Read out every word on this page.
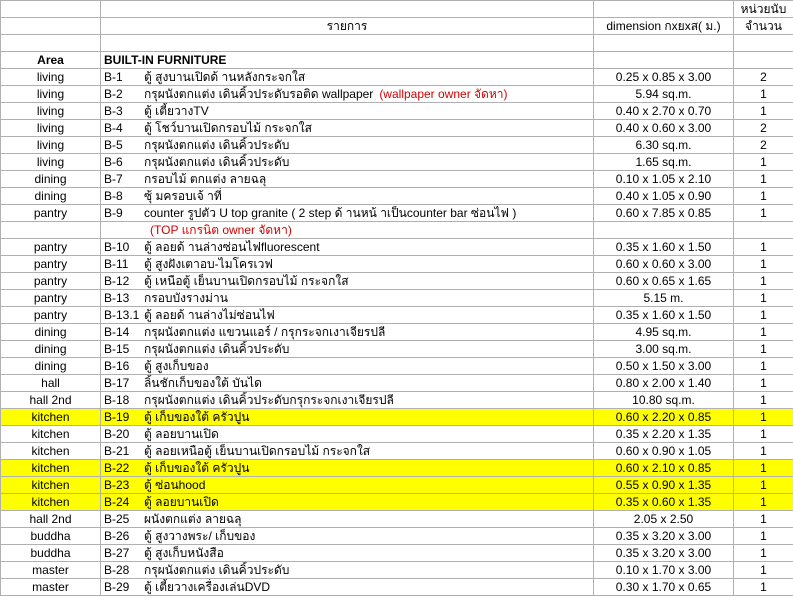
			หน่วยนับ
	รายการ	dimension กxยxส( ม.)	จำนวน

Area	BUILT-IN FURNITURE		
living	B-1 ตู้ สูงบานเปิดด้ านหลังกระจกใส	0.25 x 0.85 x 3.00	2
living	B-2 กรุผนังตกแต่ง เดินคิ้วประดับรอติด wallpaper (wallpaper owner จัดหา)	5.94 sq.m.	1
living	B-3 ตู้ เตี้ยวางTV	0.40 x 2.70 x 0.70	1
living	B-4 ตู้ โชว์บานเปิดกรอบไม้ กระจกใส	0.40 x 0.60 x 3.00	2
living	B-5 กรุผนังตกแต่ง เดินคิ้วประดับ	6.30 sq.m.	2
living	B-6 กรุผนังตกแต่ง เดินคิ้วประดับ	1.65 sq.m.	1
dining	B-7 กรอบไม้ ตกแต่ง ลายฉลุ	0.10 x 1.05 x 2.10	1
dining	B-8 ซุ้ มครอบเจ้ าที่	0.40 x 1.05 x 0.90	1
pantry	B-9 counter รูปตัว U top granite ( 2 step ด้ านหน้ าเป็นcounter bar ซ่อนไฟ )	0.60 x 7.85 x 0.85	1
	(TOP แกรนิต owner จัดหา)		
pantry	B-10 ตู้ ลอยด้ านล่างซ่อนไฟfluorescent	0.35 x 1.60 x 1.50	1
pantry	B-11 ตู้ สูงฝังเตาอบ-ไมโครเวฟ	0.60 x 0.60 x 3.00	1
pantry	B-12 ตู้ เหนือตู้ เย็นบานเปิดกรอบไม้ กระจกใส	0.60 x 0.65 x 1.65	1
pantry	B-13 กรอบบังรางม่าน	5.15 m.	1
pantry	B-13.1 ตู้ ลอยด้ านล่างไม่ซ่อนไฟ	0.35 x 1.60 x 1.50	1
dining	B-14 กรุผนังตกแต่ง แขวนแอร์ / กรุกระจกเงาเจียรปลี	4.95 sq.m.	1
dining	B-15 กรุผนังตกแต่ง เดินคิ้วประดับ	3.00 sq.m.	1
dining	B-16 ตู้ สูงเก็บของ	0.50 x 1.50 x 3.00	1
hall	B-17 ลิ้นชักเก็บของใต้ บันได	0.80 x 2.00 x 1.40	1
hall 2nd	B-18 กรุผนังตกแต่ง เดินคิ้วประดับกรุกระจกเงาเจียรปลี	10.80 sq.m.	1
kitchen	B-19 ตู้ เก็บของใต้ ครัวปูน	0.60 x 2.20 x 0.85	1
kitchen	B-20 ตู้ ลอยบานเปิด	0.35 x 2.20 x 1.35	1
kitchen	B-21 ตู้ ลอยเหนือตู้ เย็นบานเปิดกรอบไม้ กระจกใส	0.60 x 0.90 x 1.05	1
kitchen	B-22 ตู้ เก็บของใต้ ครัวปูน	0.60 x 2.10 x 0.85	1
kitchen	B-23 ตู้ ซ่อนhood	0.55 x 0.90 x 1.35	1
kitchen	B-24 ตู้ ลอยบานเปิด	0.35 x 0.60 x 1.35	1
hall 2nd	B-25 ผนังตกแต่ง ลายฉลุ	2.05 x 2.50	1
buddha	B-26 ตู้ สูงวางพระ/ เก็บของ	0.35 x 3.20 x 3.00	1
buddha	B-27 ตู้ สูงเก็บหนังสือ	0.35 x 3.20 x 3.00	1
master	B-28 กรุผนังตกแต่ง เดินคิ้วประดับ	0.10 x 1.70 x 3.00	1
master	B-29 ตู้ เตี้ยวางเครื่องเล่นDVD	0.30 x 1.70 x 0.65	1
